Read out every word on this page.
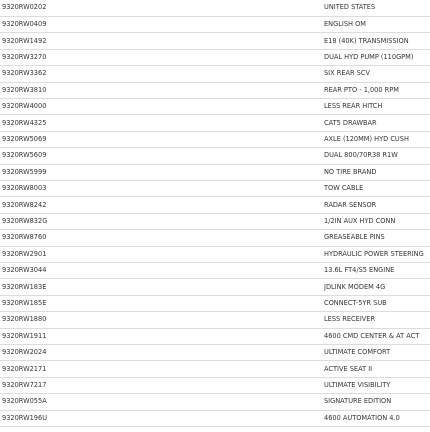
9320RW0202	UNITED STATES
9320RW0409	ENGLISH OM
9320RW1492	E18 (40K) TRANSMISSION
9320RW3270	DUAL HYD PUMP (110GPM)
9320RW3362	SIX REAR SCV
9320RW3810	REAR PTO - 1,000 RPM
9320RW4000	LESS REAR HITCH
9320RW4325	CAT5 DRAWBAR
9320RW5069	AXLE (120MM) HYD CUSH
9320RW5609	DUAL 800/70R38 R1W
9320RW5999	NO TIRE BRAND
9320RW8003	TOW CABLE
9320RW8242	RADAR SENSOR
9320RW832G	1/2IN AUX HYD CONN
9320RW8760	GREASEABLE PINS
9320RW2901	HYDRAULIC POWER STEERING
9320RW3044	13.6L FT4/S5 ENGINE
9320RW183E	JDLINK MODEM 4G
9320RW185E	CONNECT-5YR SUB
9320RW1880	LESS RECEIVER
9320RW1911	4600 CMD CENTER & AT ACT
9320RW2024	ULTIMATE COMFORT
9320RW2171	ACTIVE SEAT II
9320RW7217	ULTIMATE VISIBILITY
9320RW055A	SIGNATURE EDITION
9320RW196U	4600 AUTOMATION 4.0
